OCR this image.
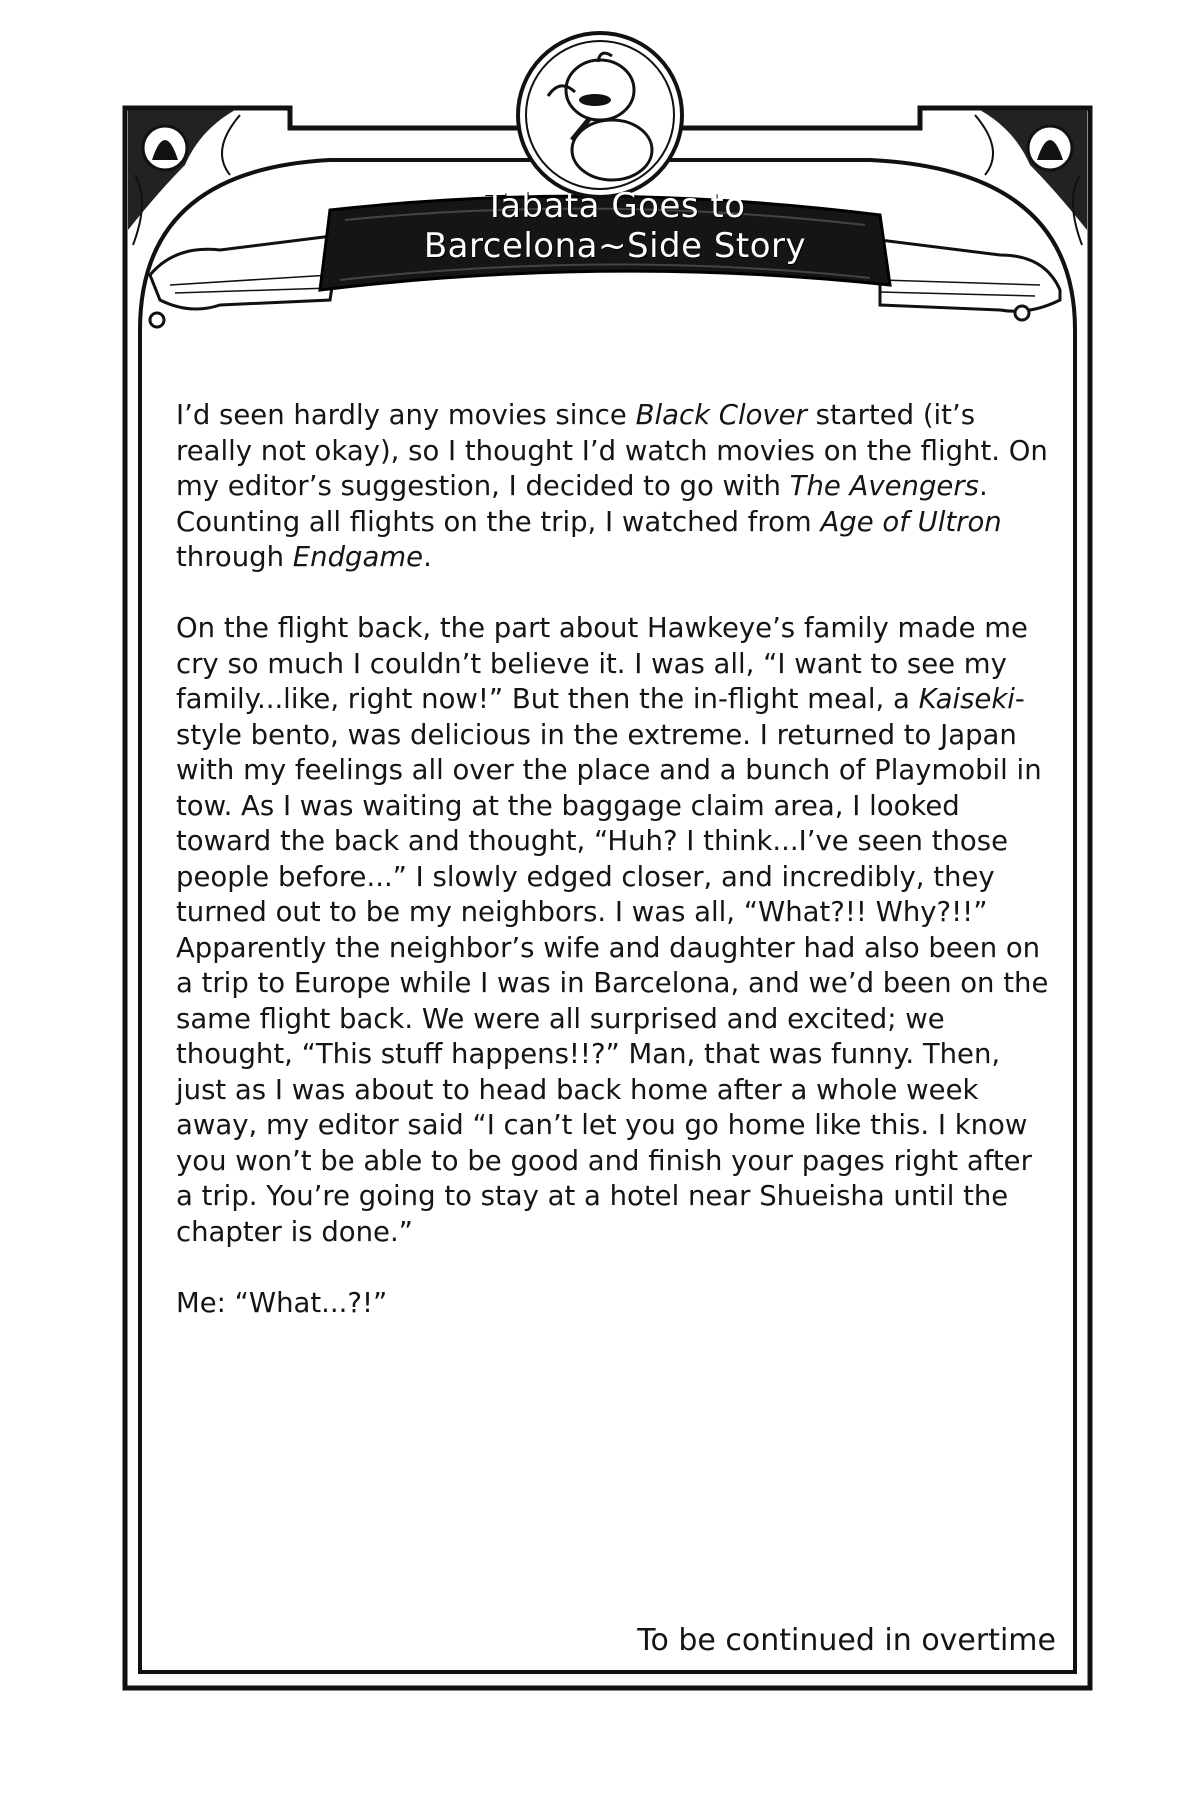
Tabata Goes to
Barcelona~Side Story

I’d seen hardly any movies since Black Clover started (it’s really not okay), so I thought I’d watch movies on the flight. On my editor’s suggestion, I decided to go with The Avengers. Counting all flights on the trip, I watched from Age of Ultron through Endgame.

On the flight back, the part about Hawkeye’s family made me cry so much I couldn’t believe it. I was all, “I want to see my family...like, right now!” But then the in-flight meal, a Kaiseki-style bento, was delicious in the extreme. I returned to Japan with my feelings all over the place and a bunch of Playmobil in tow. As I was waiting at the baggage claim area, I looked toward the back and thought, “Huh? I think...I’ve seen those people before...” I slowly edged closer, and incredibly, they turned out to be my neighbors. I was all, “What?!! Why?!!” Apparently the neighbor’s wife and daughter had also been on a trip to Europe while I was in Barcelona, and we’d been on the same flight back. We were all surprised and excited; we thought, “This stuff happens!!?” Man, that was funny. Then, just as I was about to head back home after a whole week away, my editor said “I can’t let you go home like this. I know you won’t be able to be good and finish your pages right after a trip. You’re going to stay at a hotel near Shueisha until the chapter is done.”

Me: “What...?!”

To be continued in overtime
